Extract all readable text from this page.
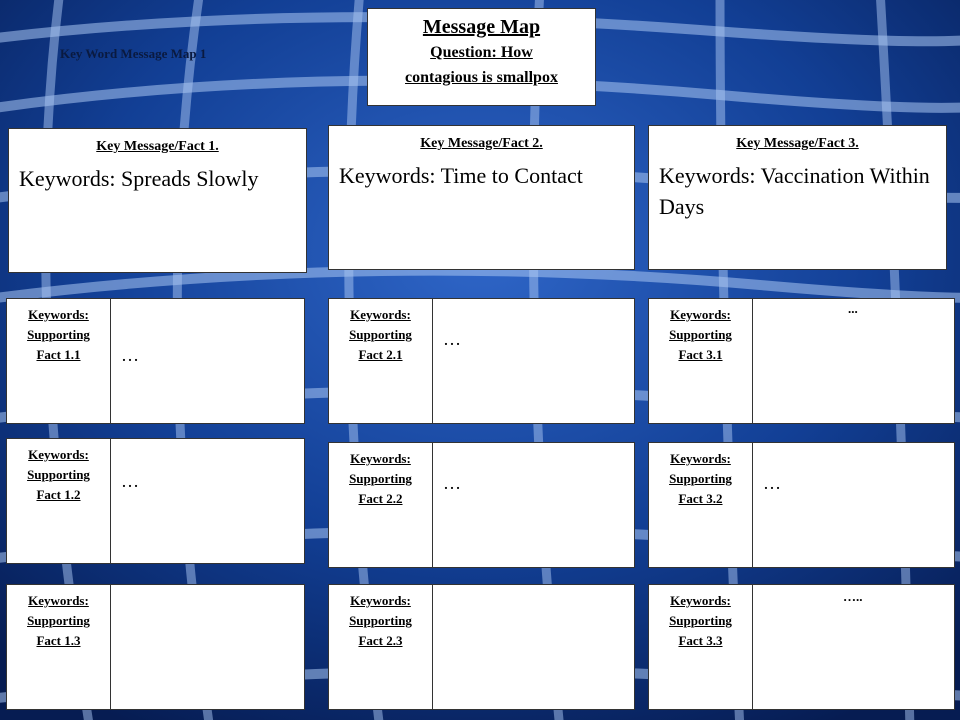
Key Word Message Map 1
Message Map
Question: How
contagious is smallpox
Key Message/Fact 1.
Keywords: Spreads Slowly
Key Message/Fact 2.
Keywords: Time to Contact
Key Message/Fact 3.
Keywords: Vaccination Within Days
Keywords:
Supporting
Fact 1.1	…
Keywords:
Supporting
Fact 1.2
…
Keywords:
Supporting
Fact 1.3
Keywords:
Supporting
Fact 2.1
…
Keywords:
Supporting
Fact 2.2
…
Keywords:
Supporting
Fact 2.3
Keywords:
Supporting
Fact 3.1
...
Keywords:
Supporting
Fact 3.2
…
Keywords:
Supporting
Fact 3.3
…..
